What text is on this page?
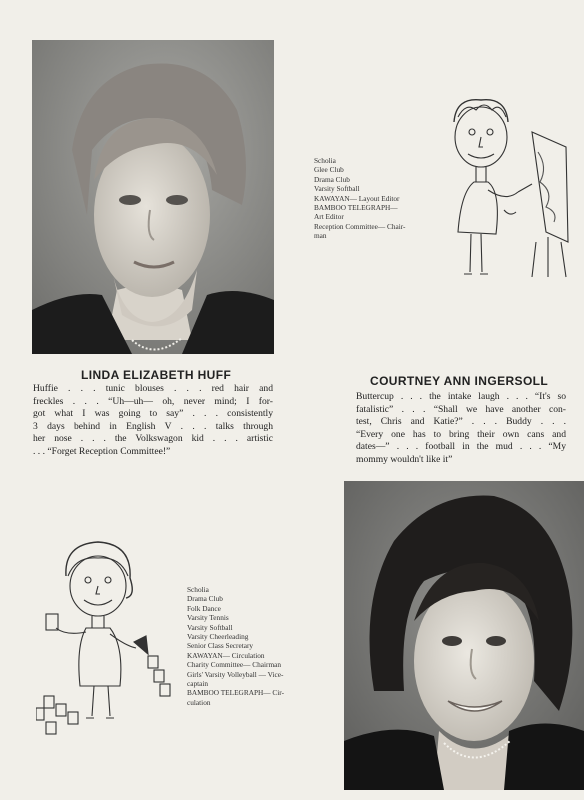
Scholia
Glee Club
Drama Club
Varsity Softball
KAWAYAN— Layout Editor
BAMBOO TELEGRAPH—
Art Editor
Reception Committee— Chair-
man
LINDA ELIZABETH HUFF
Huffie . . . tunic blouses . . . red hair and
freckles . . . “Uh—uh— oh, never mind; I for-
got what I was going to say” . . . consistently
3 days behind in English V . . . talks through
her nose . . . the Volkswagon kid . . . artistic
. . . “Forget Reception Committee!”
COURTNEY ANN INGERSOLL
Buttercup . . . the intake laugh . . . “It's so
fatalistic” . . . “Shall we have another con-
test, Chris and Katie?” . . . Buddy . . .
“Every one has to bring their own cans and
dates—” . . . football in the mud . . . “My
mommy wouldn't like it”
Scholia
Drama Club
Folk Dance
Varsity Tennis
Varsity Softball
Varsity Cheerleading
Senior Class Secretary
KAWAYAN— Circulation
Charity Committee— Chairman
Girls' Varsity Volleyball — Vice-
captain
BAMBOO TELEGRAPH— Cir-
culation
